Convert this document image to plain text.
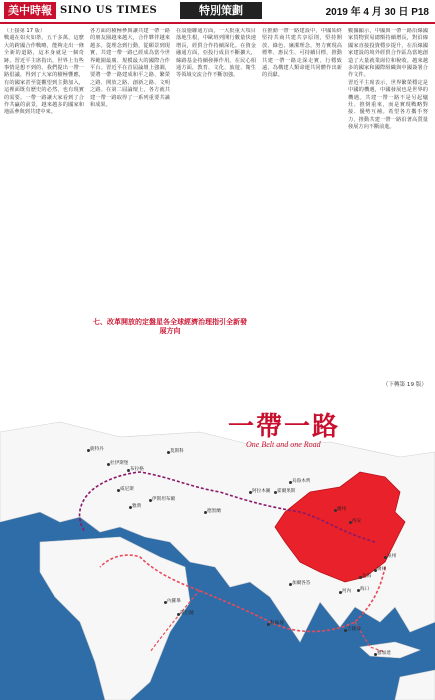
美中時報 SINO US TIMES	特別策劃	2019 年 4 月 30 日 P18

（上接第 17 版）

戰還在如火如荼。五千多萬，這麼大的跨國合作戰略，能夠走出一條全新的道路，這本身就是一個奇跡。習近平主席指出，世界上有些事情是想不到的，我們提出一帶一路倡議，得到了大家的積極響應，有的國家甚至從觀望到主動加入，這裡面既有歷史的必然，也有現實的需要。一帶一路讓大家看到了合作共贏的前景，越來越多的國家和地區參與到共建中來。

各方面的積極參與讓共建一帶一路的朋友圈越來越大，合作夥伴越來越多。從理念到行動，從願景到現實，共建一帶一路已經成為當今世界範圍最廣、規模最大的國際合作平台。習近平在首屆論壇上強調，要將一帶一路建成和平之路、繁榮之路、開放之路、創新之路、文明之路。在第二屆論壇上，各方就共建一帶一路取得了一系列重要共識和成果。

在設施聯通方面，一大批重大項目落地生根，中歐班列開行數量快速增長，經貿合作持續深化。在資金融通方面，亞投行成員不斷擴大，絲路基金持續發揮作用。在民心相通方面，教育、文化、旅遊、衛生等領域交流合作不斷加強。

在推動一帶一路建設中，中國始終堅持共商共建共享原則，堅持開放、綠色、廉潔理念，努力實現高標準、惠民生、可持續目標，推動共建一帶一路走深走實、行穩致遠，為構建人類命運共同體作出新的貢獻。

數據顯示，中國與一帶一路沿線國家貨物貿易總額持續增長，對沿線國家直接投資穩步提升，在沿線國家建設的境外經貿合作區為當地創造了大量就業崗位和稅收。越來越多的國家和國際組織與中國簽署合作文件。

習近平主席表示，世界繁榮穩定是中國的機遇，中國發展也是世界的機遇。共建一帶一路不是另起爐灶、推倒重來，而是實現戰略對接、優勢互補。希望各方攜手努力，推動共建一帶一路沿著高質量發展方向不斷前進。

七、改革開放的定盤星各全球經濟治理指引全新發展方向
（下轉第 19 版）
一帶一路
One Belt and one Road
鹿特丹
杜伊斯堡
布拉格
威尼斯
雅典
伊斯坦布爾
莫斯科
德黑蘭
阿拉木圖 霍爾果斯
烏魯木齊
蘭州
西安
泉州
廣州
北海
海口
河內
吉隆坡
雅加達
科倫坡
加爾各答
內羅畢
蒙巴薩
